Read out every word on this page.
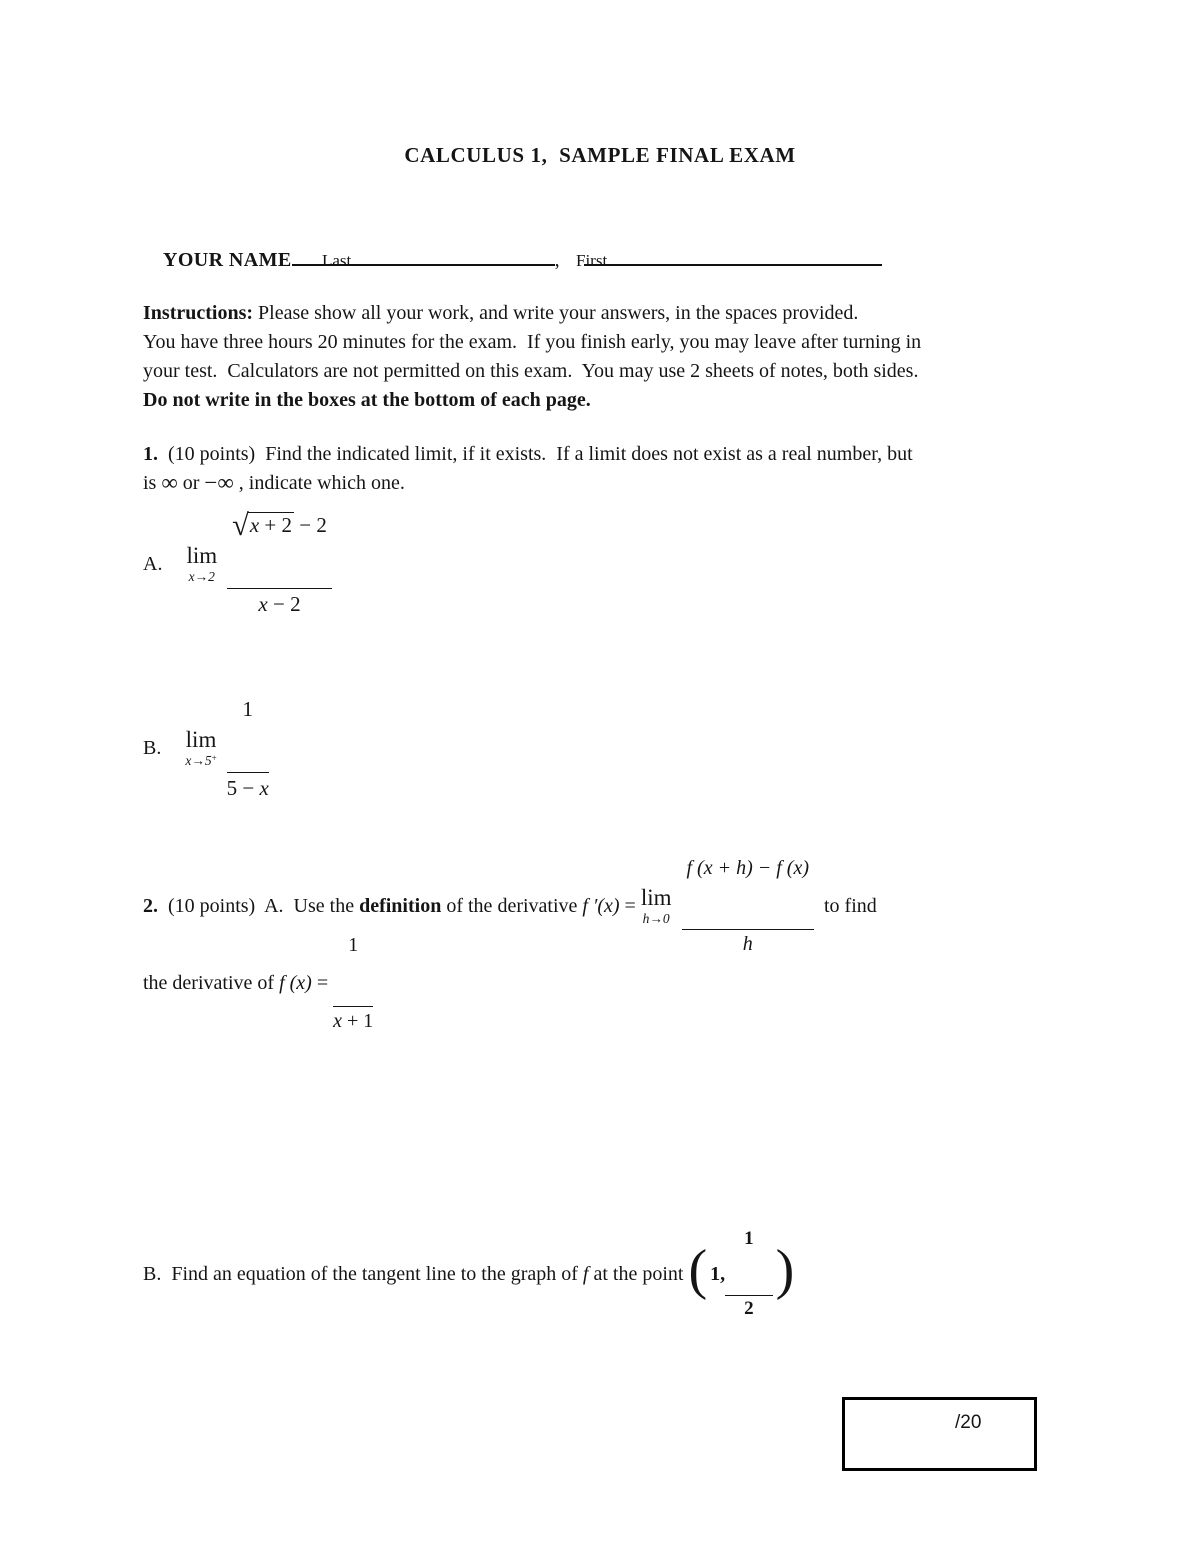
CALCULUS 1,  SAMPLE FINAL EXAM

YOUR NAME	,

Last	First
Instructions: Please show all your work, and write your answers, in the spaces provided.
You have three hours 20 minutes for the exam.  If you finish early, you may leave after turning in
your test.  Calculators are not permitted on this exam.  You may use 2 sheets of notes, both sides.
Do not write in the boxes at the bottom of each page.
1.  (10 points)  Find the indicated limit, if it exists.  If a limit does not exist as a real number, but
is ∞ or −∞ , indicate which one.
A. lim
x→2

$\frac{√x + 2 - 2}{x - 2}$

B. lim
x→5+

$\frac{1}{5 - x}$

2. (10 points)  A.  Use the definition of the derivative f ′(x) = lim
h→0

$\frac{f (x + h) - f (x)}{h}$

to find
the derivative of f (x) =

$\frac{1}{x + 1}$

B.  Find an equation of the tangent line to the graph of f at the point ( 1,

$\frac{1}{2}$

)
/20
